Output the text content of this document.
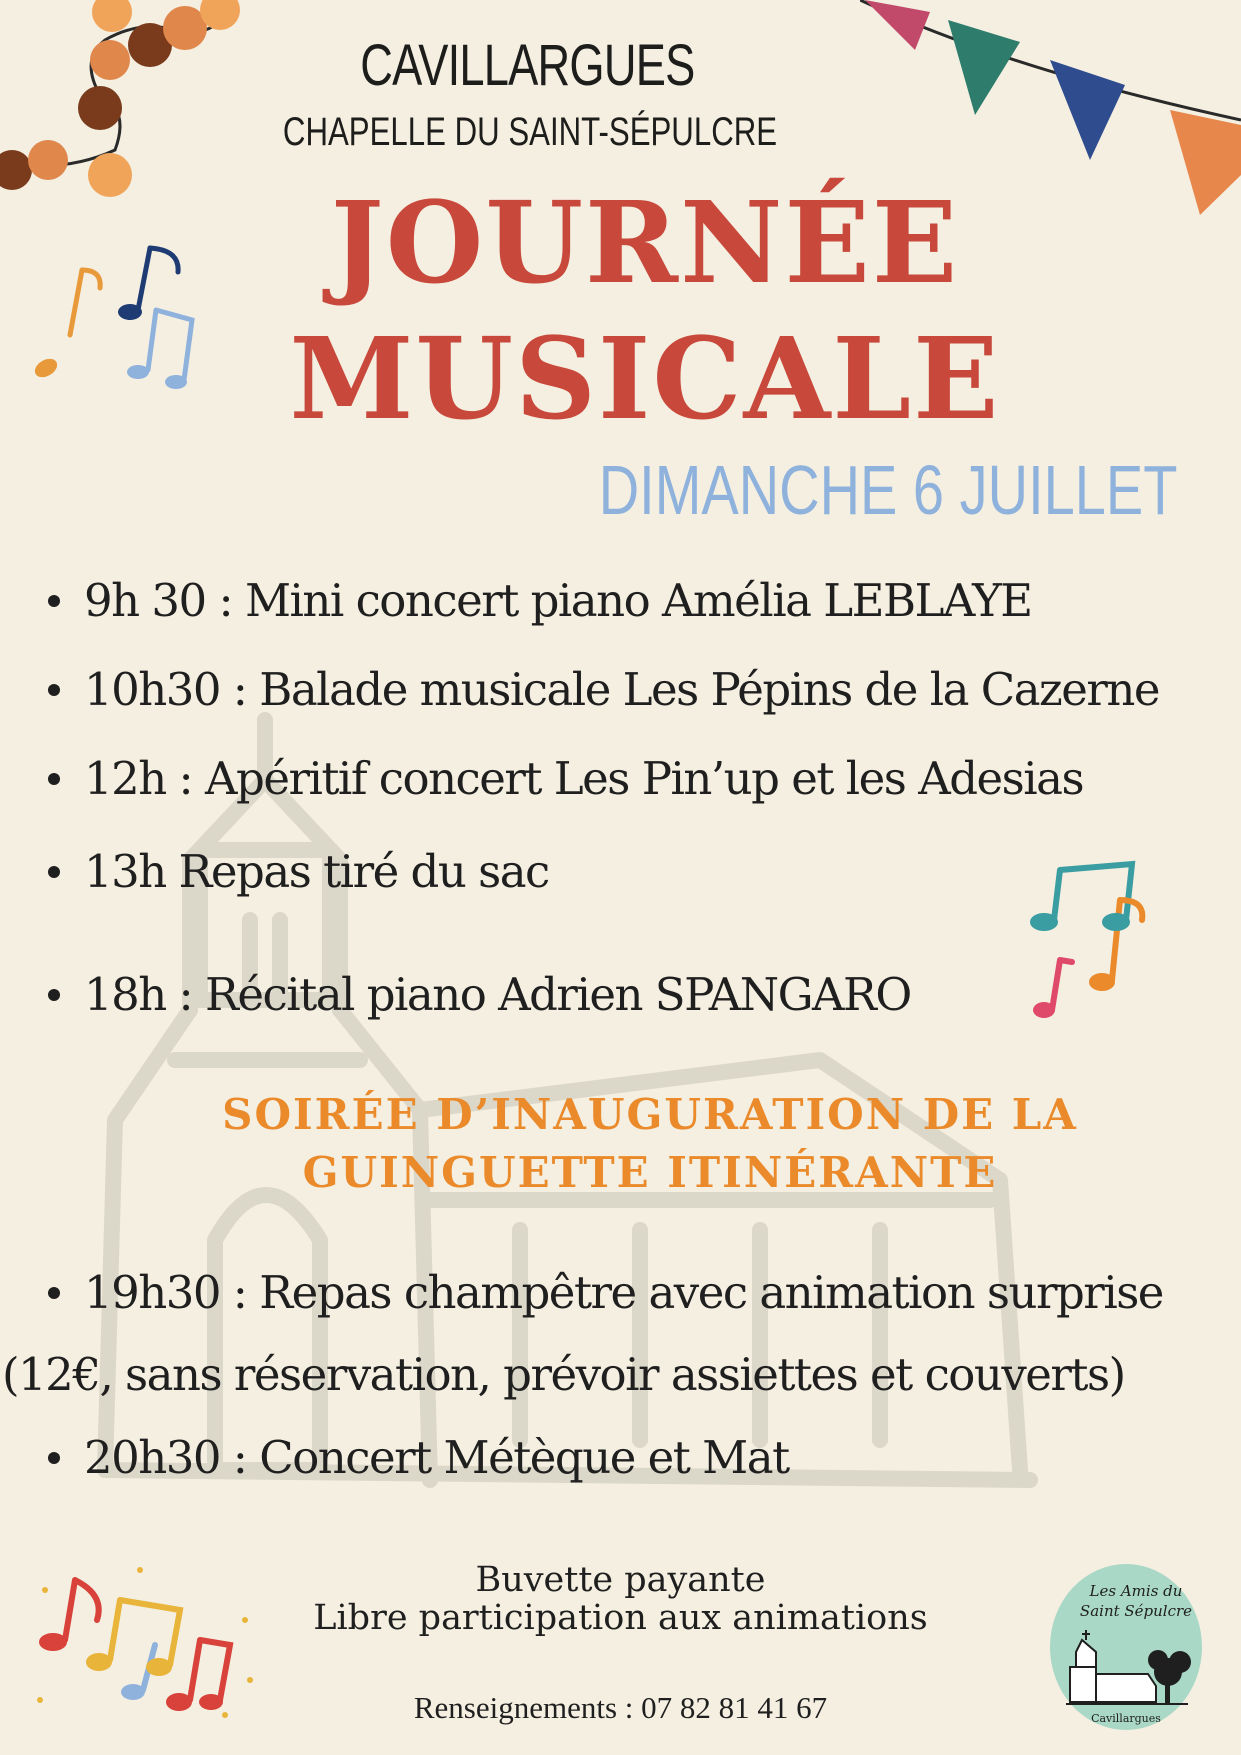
Les Amis du
Saint Sépulcre
Cavillargues
CAVILLARGUES
CHAPELLE DU SAINT-SÉPULCRE
JOURNÉE
MUSICALE
DIMANCHE 6 JUILLET
9h 30 : Mini concert piano Amélia LEBLAYE
10h30 : Balade musicale Les Pépins de la Cazerne
12h : Apéritif concert Les Pin’up et les Adesias
13h Repas tiré du sac
18h : Récital piano Adrien SPANGARO
SOIRÉE D’INAUGURATION DE LA
GUINGUETTE ITINÉRANTE
19h30 : Repas champêtre avec animation surprise
(12€, sans réservation, prévoir assiettes et couverts)
20h30 : Concert Métèque et Mat
Buvette payante
Libre participation aux animations
Renseignements : 07 82 81 41 67
